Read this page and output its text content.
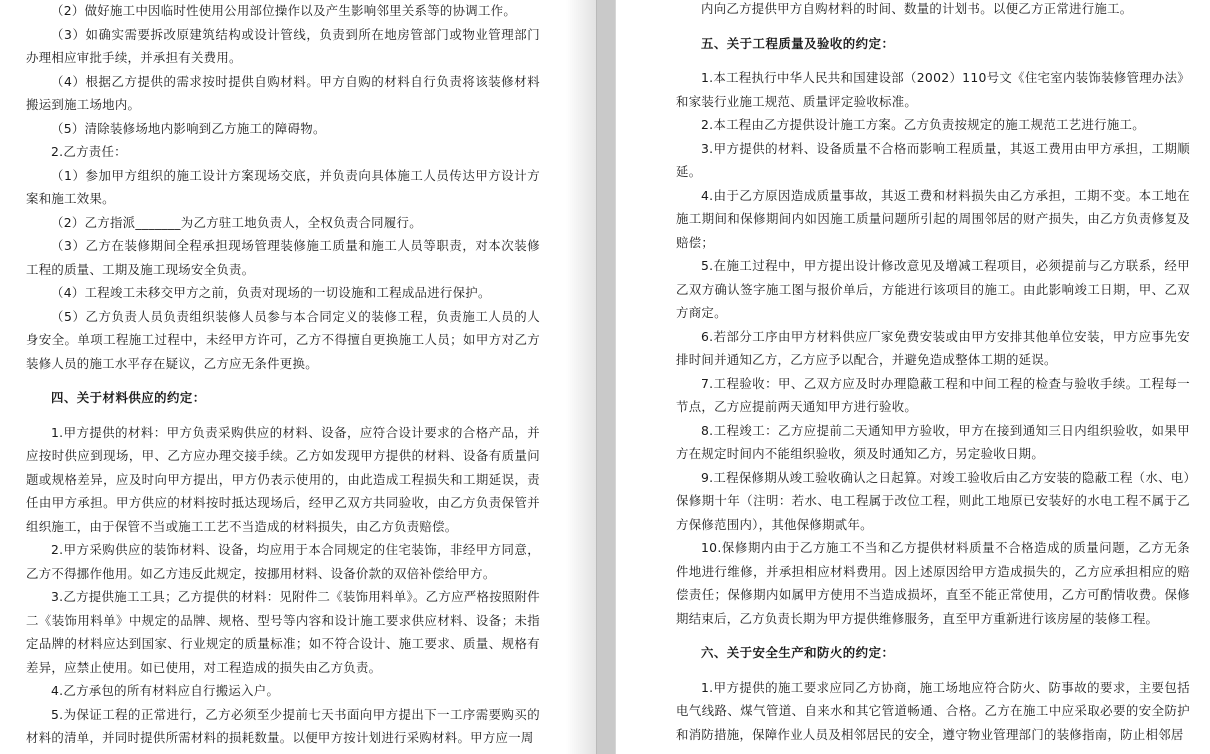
（2）做好施工中因临时性使用公用部位操作以及产生影响邻里关系等的协调工作。

（3）如确实需要拆改原建筑结构或设计管线，负责到所在地房管部门或物业管理部门办理相应审批手续，并承担有关费用。

（4）根据乙方提供的需求按时提供自购材料。甲方自购的材料自行负责将该装修材料搬运到施工场地内。

（5）清除装修场地内影响到乙方施工的障碍物。

2.乙方责任：

（1）参加甲方组织的施工设计方案现场交底，并负责向具体施工人员传达甲方设计方案和施工效果。

（2）乙方指派_______为乙方驻工地负责人，全权负责合同履行。

（3）乙方在装修期间全程承担现场管理装修施工质量和施工人员等职责，对本次装修工程的质量、工期及施工现场安全负责。

（4）工程竣工未移交甲方之前，负责对现场的一切设施和工程成品进行保护。

（5）乙方负责人员负责组织装修人员参与本合同定义的装修工程，负责施工人员的人身安全。单项工程施工过程中，未经甲方许可，乙方不得擅自更换施工人员；如甲方对乙方装修人员的施工水平存在疑议，乙方应无条件更换。

四、关于材料供应的约定：

1.甲方提供的材料：甲方负责采购供应的材料、设备，应符合设计要求的合格产品，并应按时供应到现场，甲、乙方应办理交接手续。乙方如发现甲方提供的材料、设备有质量问题或规格差异，应及时向甲方提出，甲方仍表示使用的，由此造成工程损失和工期延误，责任由甲方承担。甲方供应的材料按时抵达现场后，经甲乙双方共同验收，由乙方负责保管并组织施工，由于保管不当或施工工艺不当造成的材料损失，由乙方负责赔偿。

2.甲方采购供应的装饰材料、设备，均应用于本合同规定的住宅装饰，非经甲方同意，乙方不得挪作他用。如乙方违反此规定，按挪用材料、设备价款的双倍补偿给甲方。

3.乙方提供施工工具；乙方提供的材料：见附件二《装饰用料单》。乙方应严格按照附件二《装饰用料单》中规定的品牌、规格、型号等内容和设计施工要求供应材料、设备；未指定品牌的材料应达到国家、行业规定的质量标准；如不符合设计、施工要求、质量、规格有差异，应禁止使用。如已使用，对工程造成的损失由乙方负责。

4.乙方承包的所有材料应自行搬运入户。

5.为保证工程的正常进行，乙方必须至少提前七天书面向甲方提出下一工序需要购买的材料的清单，并同时提供所需材料的损耗数量。以便甲方按计划进行采购材料。甲方应一周

内向乙方提供甲方自购材料的时间、数量的计划书。以便乙方正常进行施工。

五、关于工程质量及验收的约定：

1.本工程执行中华人民共和国建设部（2002）110号文《住宅室内装饰装修管理办法》和家装行业施工规范、质量评定验收标准。

2.本工程由乙方提供设计施工方案。乙方负责按规定的施工规范工艺进行施工。

3.甲方提供的材料、设备质量不合格而影响工程质量，其返工费用由甲方承担，工期顺延。

4.由于乙方原因造成质量事故，其返工费和材料损失由乙方承担，工期不变。本工地在施工期间和保修期间内如因施工质量问题所引起的周围邻居的财产损失，由乙方负责修复及赔偿；

5.在施工过程中，甲方提出设计修改意见及增减工程项目，必须提前与乙方联系，经甲乙双方确认签字施工图与报价单后，方能进行该项目的施工。由此影响竣工日期，甲、乙双方商定。

6.若部分工序由甲方材料供应厂家免费安装或由甲方安排其他单位安装，甲方应事先安排时间并通知乙方，乙方应予以配合，并避免造成整体工期的延误。

7.工程验收：甲、乙双方应及时办理隐蔽工程和中间工程的检查与验收手续。工程每一节点，乙方应提前两天通知甲方进行验收。

8.工程竣工：乙方应提前二天通知甲方验收，甲方在接到通知三日内组织验收，如果甲方在规定时间内不能组织验收，须及时通知乙方，另定验收日期。

9.工程保修期从竣工验收确认之日起算。对竣工验收后由乙方安装的隐蔽工程（水、电）保修期十年（注明：若水、电工程属于改位工程，则此工地原已安装好的水电工程不属于乙方保修范围内），其他保修期贰年。

10.保修期内由于乙方施工不当和乙方提供材料质量不合格造成的质量问题，乙方无条件地进行维修，并承担相应材料费用。因上述原因给甲方造成损失的，乙方应承担相应的赔偿责任；保修期内如属甲方使用不当造成损坏，直至不能正常使用，乙方可酌情收费。保修期结束后，乙方负责长期为甲方提供维修服务，直至甲方重新进行该房屋的装修工程。

六、关于安全生产和防火的约定：

1.甲方提供的施工要求应同乙方协商，施工场地应符合防火、防事故的要求，主要包括电气线路、煤气管道、自来水和其它管道畅通、合格。乙方在施工中应采取必要的安全防护和消防措施，保障作业人员及相邻居民的安全，遵守物业管理部门的装修指南，防止相邻居
